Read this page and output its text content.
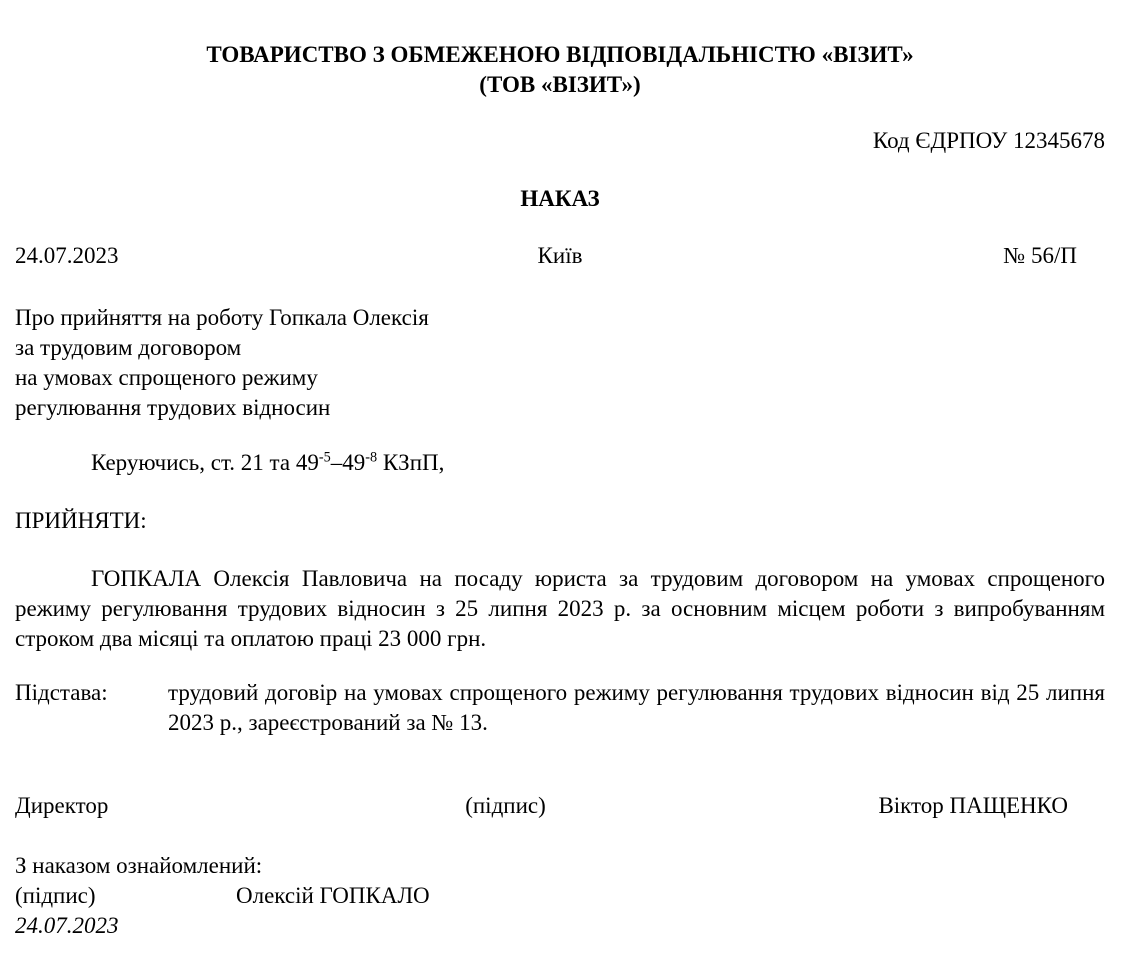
ТОВАРИСТВО З ОБМЕЖЕНОЮ ВІДПОВІДАЛЬНІСТЮ «ВІЗИТ»
(ТОВ «ВІЗИТ»)
Код ЄДРПОУ 12345678
НАКАЗ
24.07.2023	Київ	№ 56/П
Про прийняття на роботу Гопкала Олексія
за трудовим договором
на умовах спрощеного режиму
регулювання трудових відносин
Керуючись, ст. 21 та $49^{-5}-49^{-8}$ КЗпП,
ПРИЙНЯТИ:
ГОПКАЛА Олексія Павловича на посаду юриста за трудовим договором на умовах спрощеного режиму регулювання трудових відносин з 25 липня 2023 р. за основним місцем роботи з випробуванням строком два місяці та оплатою праці 23 000 грн.
Підстава:	трудовий договір на умовах спрощеного режиму регулювання трудових відносин від 25 липня 2023 р., зареєстрований за № 13.
Директор	(підпис)	Віктор ПАЩЕНКО
З наказом ознайомлений:
(підпис)	Олексій ГОПКАЛО
24.07.2023
